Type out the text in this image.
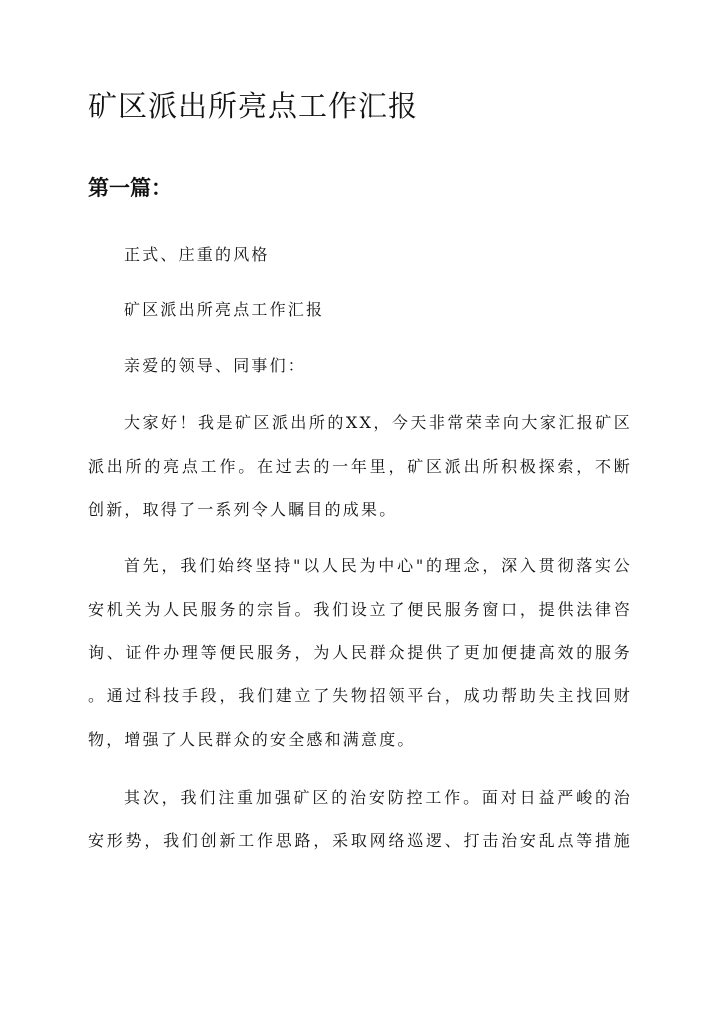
矿区派出所亮点工作汇报
第一篇：

正式、庄重的风格

矿区派出所亮点工作汇报

亲爱的领导、同事们：

大家好！我是矿区派出所的XX，今天非常荣幸向大家汇报矿区

派出所的亮点工作。在过去的一年里，矿区派出所积极探索，不断

创新，取得了一系列令人瞩目的成果。

首先，我们始终坚持"以人民为中心"的理念，深入贯彻落实公

安机关为人民服务的宗旨。我们设立了便民服务窗口，提供法律咨

询、证件办理等便民服务，为人民群众提供了更加便捷高效的服务

。通过科技手段，我们建立了失物招领平台，成功帮助失主找回财

物，增强了人民群众的安全感和满意度。

其次，我们注重加强矿区的治安防控工作。面对日益严峻的治

安形势，我们创新工作思路，采取网络巡逻、打击治安乱点等措施
